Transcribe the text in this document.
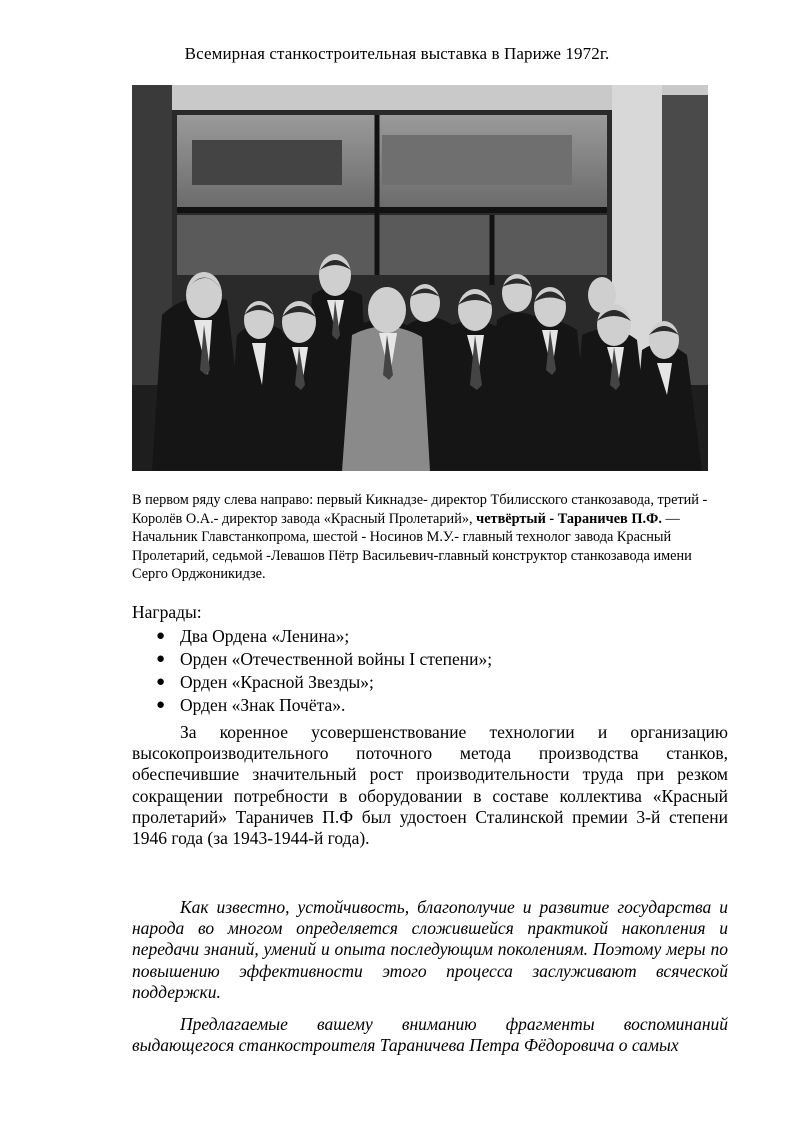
Всемирная станкостроительная выставка в Париже 1972г.
В первом ряду слева направо: первый Кикнадзе- директор Тбилисского станкозавода, третий - Королёв О.А.- директор завода «Красный Пролетарий», четвёртый - Тараничев П.Ф. — Начальник Главстанкопрома, шестой - Носинов М.У.- главный технолог завода Красный Пролетарий, седьмой -Левашов Пётр Васильевич-главный конструктор станкозавода имени Серго Орджоникидзе.
Награды:
● Два Ордена «Ленина»;
● Орден «Отечественной войны I степени»;
● Орден «Красной Звезды»;
● Орден «Знак Почёта».
За коренное усовершенствование технологии и организацию высокопроизводительного поточного метода производства станков, обеспечившие значительный рост производительности труда при резком сокращении потребности в оборудовании в составе коллектива «Красный пролетарий» Тараничев П.Ф был удостоен Сталинской премии 3-й степени 1946 года (за 1943-1944-й года).
Как известно, устойчивость, благополучие и развитие государства и народа во многом определяется сложившейся практикой накопления и передачи знаний, умений и опыта последующим поколениям. Поэтому меры по повышению эффективности этого процесса заслуживают всяческой поддержки.
Предлагаемые вашему вниманию фрагменты воспоминаний выдающегося станкостроителя Тараничева Петра Фёдоровича о самых
